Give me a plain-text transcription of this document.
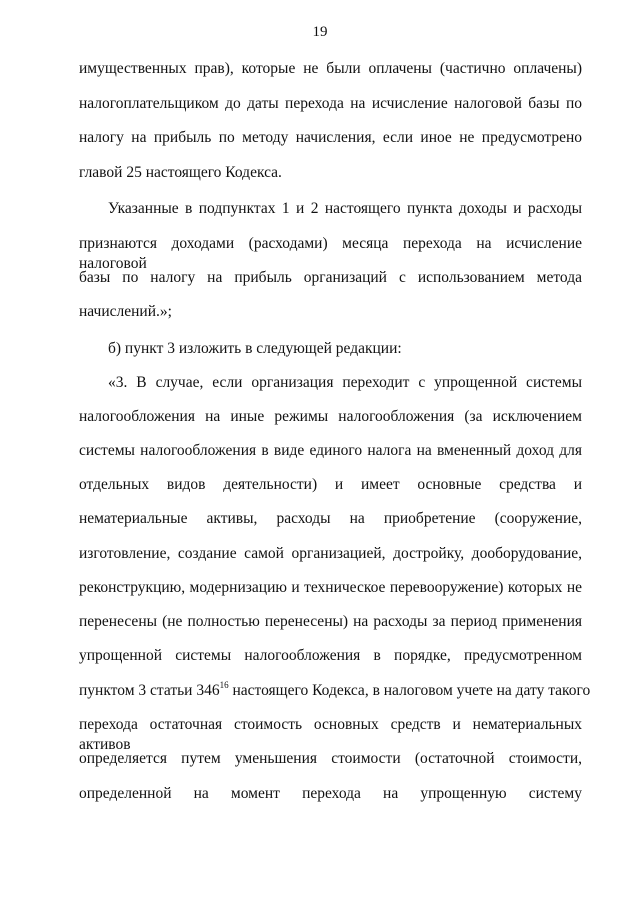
19
имущественных прав), которые не были оплачены (частично оплачены)
налогоплательщиком до даты перехода на исчисление налоговой базы по
налогу на прибыль по методу начисления, если иное не предусмотрено
главой 25 настоящего Кодекса.
Указанные в подпунктах 1 и 2 настоящего пункта доходы и расходы
признаются доходами (расходами) месяца перехода на исчисление налоговой
базы по налогу на прибыль организаций с использованием метода
начислений.»;
б) пункт 3 изложить в следующей редакции:
«3. В случае, если организация переходит с упрощенной системы
налогообложения на иные режимы налогообложения (за исключением
системы налогообложения в виде единого налога на вмененный доход для
отдельных видов деятельности) и имеет основные средства и
нематериальные активы, расходы на приобретение (сооружение,
изготовление, создание самой организацией, достройку, дооборудование,
реконструкцию, модернизацию и техническое перевооружение) которых не
перенесены (не полностью перенесены) на расходы за период применения
упрощенной системы налогообложения в порядке, предусмотренном
пунктом 3 статьи $346^{16}$ настоящего Кодекса, в налоговом учете на дату такого
перехода остаточная стоимость основных средств и нематериальных активов
определяется путем уменьшения стоимости (остаточной стоимости,
определенной на момент перехода на упрощенную систему
